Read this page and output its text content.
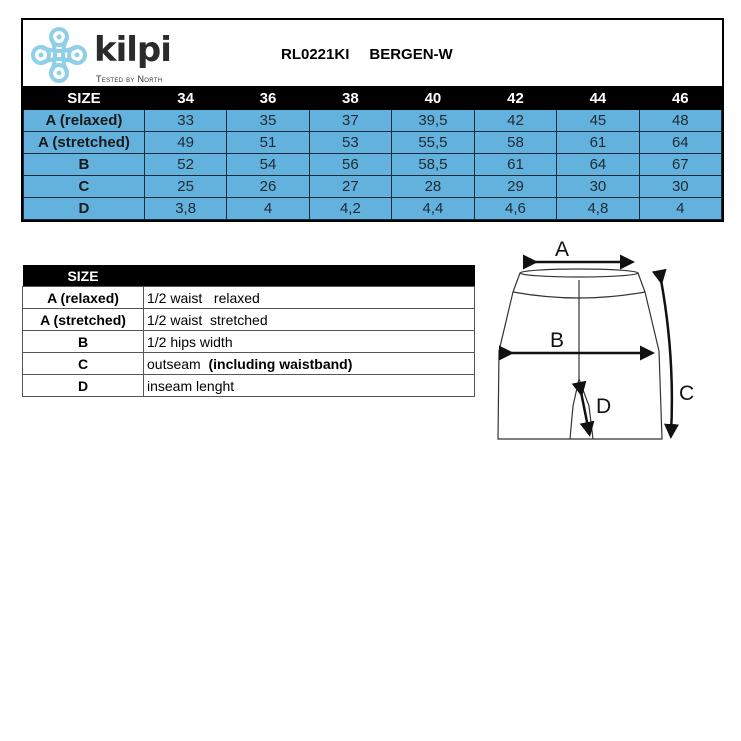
kilpi
Tested by North
RL0221KI BERGEN-W
SIZE	34	36	38	40	42	44	46
A (relaxed)	33	35	37	39,5	42	45	48
A (stretched)	49	51	53	55,5	58	61	64
B	52	54	56	58,5	61	64	67
C	25	26	27	28	29	30	30
D	3,8	4	4,2	4,4	4,6	4,8	4
SIZE	
A (relaxed)	1/2 waist   relaxed
A (stretched)	1/2 waist  stretched
B	1/2 hips width
C	outseam  (including waistband)
D	inseam lenght
A
B
C
D
